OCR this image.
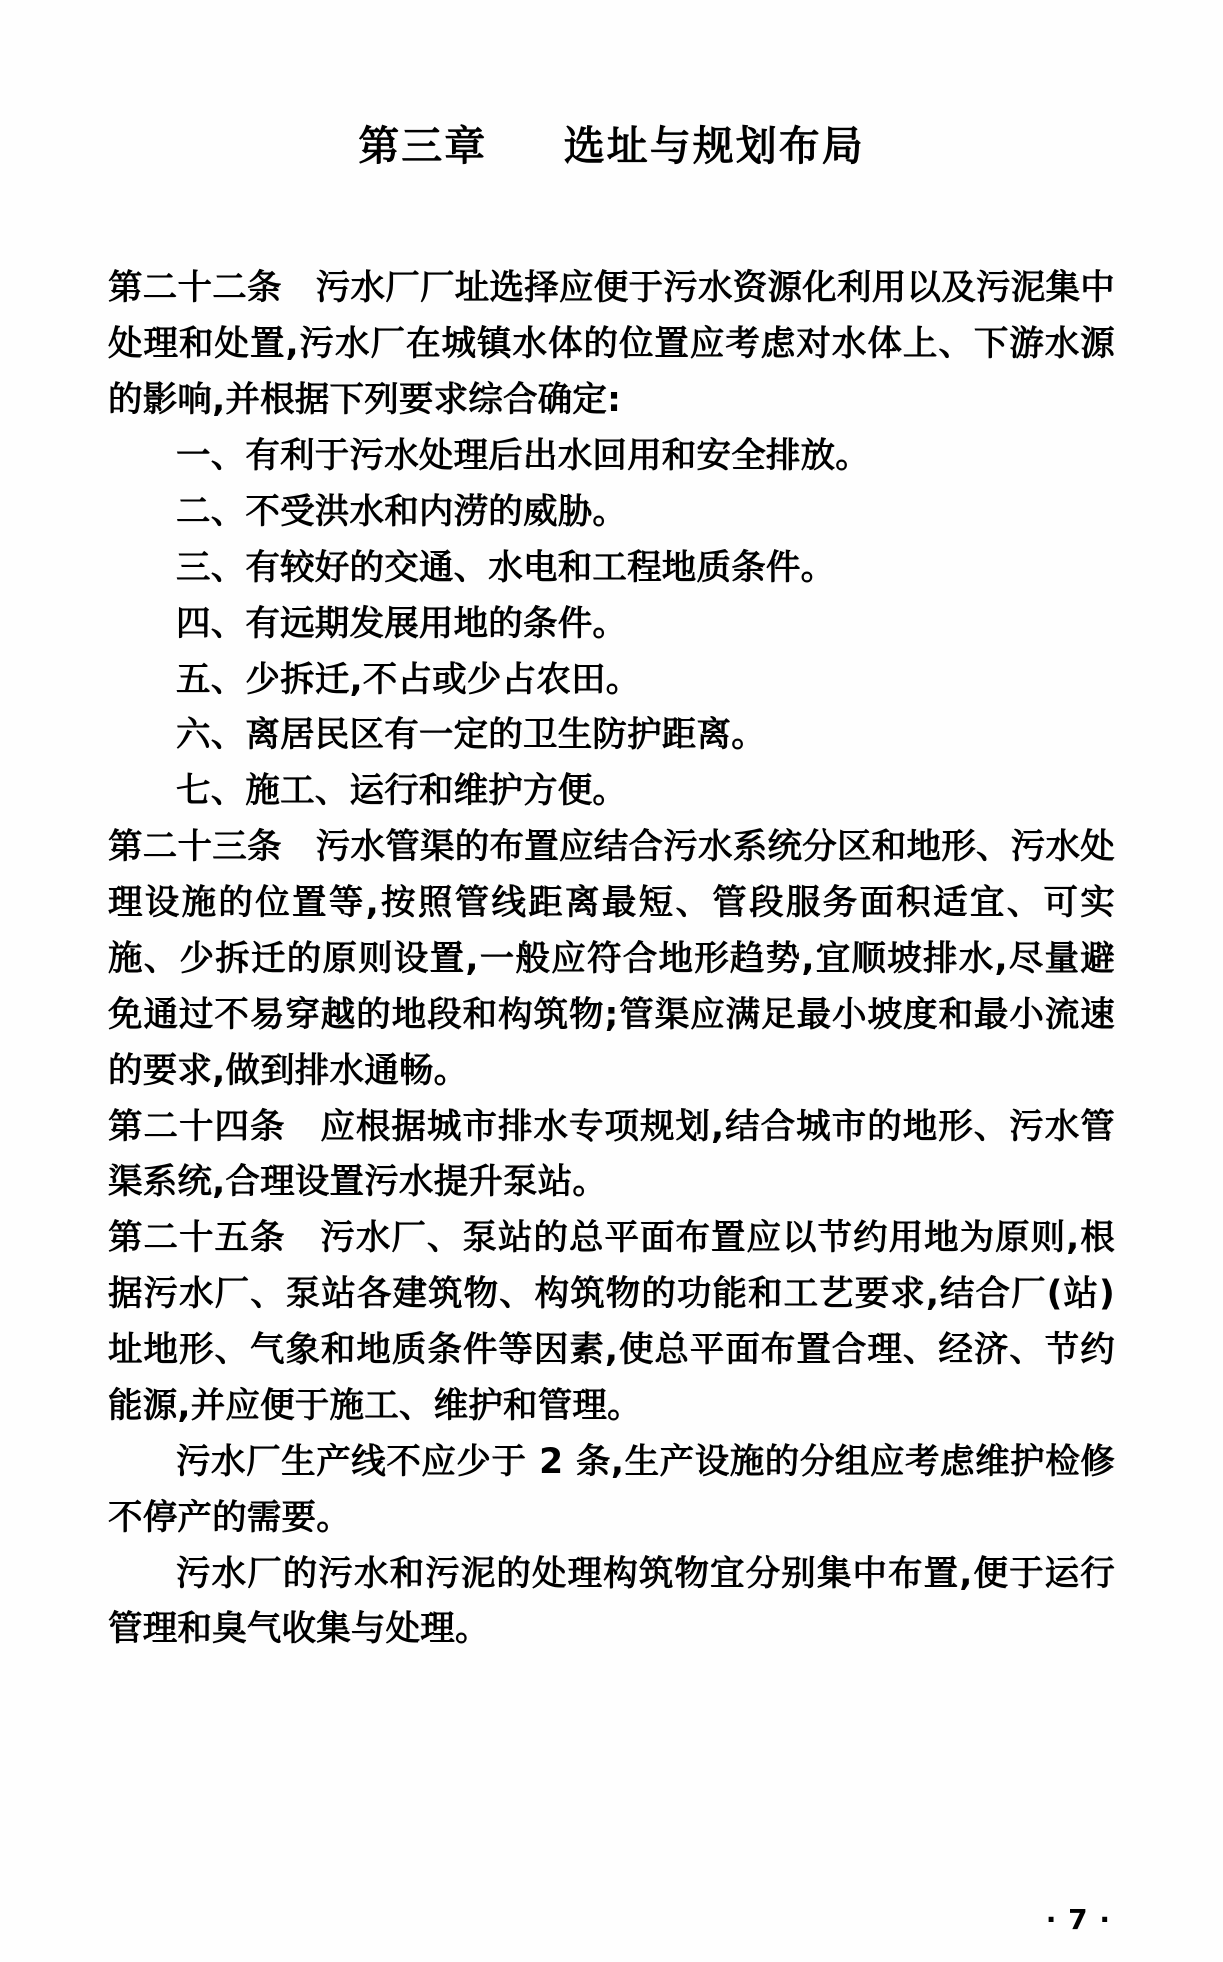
第三章 选址与规划布局

第二十二条 污水厂厂址选择应便于污水资源化利用以及污泥集中处理和处置,污水厂在城镇水体的位置应考虑对水体上、下游水源的影响,并根据下列要求综合确定:

一、有利于污水处理后出水回用和安全排放。

二、不受洪水和内涝的威胁。

三、有较好的交通、水电和工程地质条件。

四、有远期发展用地的条件。

五、少拆迁,不占或少占农田。

六、离居民区有一定的卫生防护距离。

七、施工、运行和维护方便。

第二十三条 污水管渠的布置应结合污水系统分区和地形、污水处理设施的位置等,按照管线距离最短、管段服务面积适宜、可实施、少拆迁的原则设置,一般应符合地形趋势,宜顺坡排水,尽量避免通过不易穿越的地段和构筑物;管渠应满足最小坡度和最小流速的要求,做到排水通畅。

第二十四条 应根据城市排水专项规划,结合城市的地形、污水管渠系统,合理设置污水提升泵站。

第二十五条 污水厂、泵站的总平面布置应以节约用地为原则,根据污水厂、泵站各建筑物、构筑物的功能和工艺要求,结合厂(站)址地形、气象和地质条件等因素,使总平面布置合理、经济、节约能源,并应便于施工、维护和管理。

污水厂生产线不应少于 2 条,生产设施的分组应考虑维护检修不停产的需要。

污水厂的污水和污泥的处理构筑物宜分别集中布置,便于运行管理和臭气收集与处理。

· 7 ·
